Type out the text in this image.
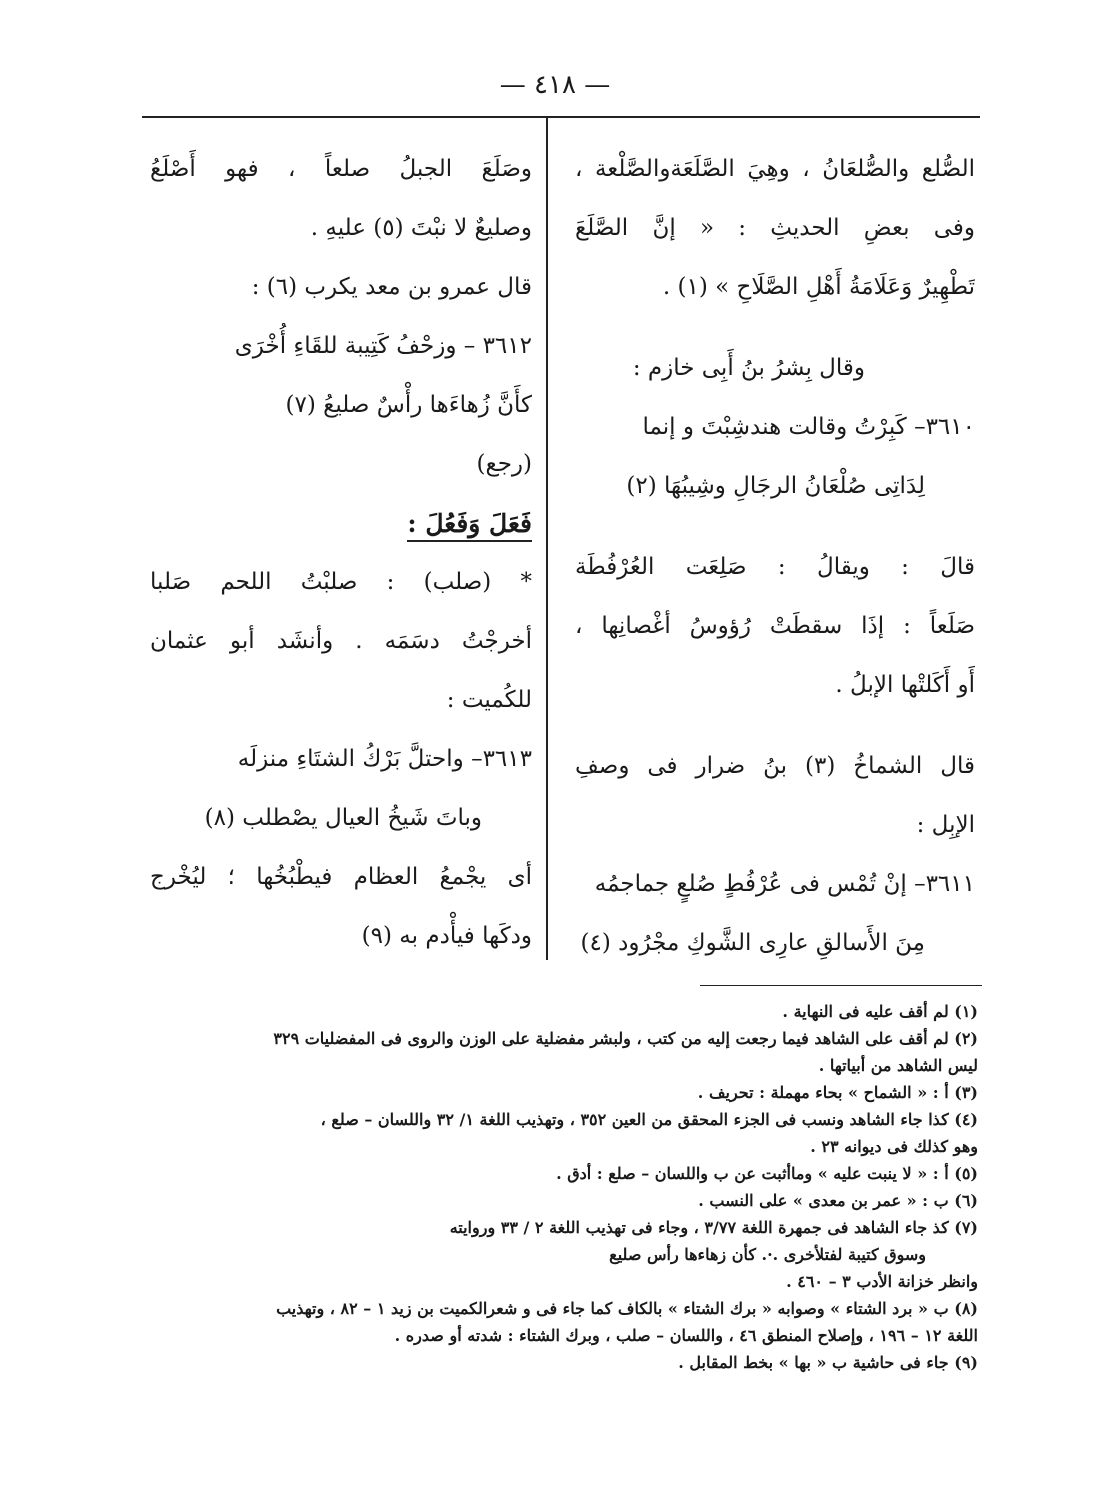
— ٤١٨ —
الصُّلع والصُّلعَانُ ، وهِيَ الصَّلَعَةوالصَّلْعة ،
وفى بعضِ الحديثِ : « إنَّ الصَّلَعَ
تَطْهِيرٌ وَعَلَامَةُ أَهْلِ الصَّلَاحِ » (١) .
وقال بِشرُ بنُ أَبِى خازم :
٣٦١٠– كَبِرْتُ وقالت هندشِبْتَ و إنما
لِدَاتِى صُلْعَانُ الرجَالِ وشِيبُهَا (٢)
قالَ : ويقالُ : صَلِعَت العُرْفُطَة
صَلَعاً : إذَا سقطَتْ رُؤوسُ أغْصانِها ،
أَو أَكَلتْها الإبلُ .
قال الشماخُ (٣) بنُ ضرار فى وصفِ
الإبِل :
٣٦١١– إنْ تُمْس فى عُرْفُطٍ صُلعٍ جماجمُه
مِنَ الأَسالقِ عارِى الشَّوكِ مجْرُود (٤)
وصَلَعَ الجبلُ صلعاً ، فهو أَصْلَعُ
وصليعٌ لا نبْتَ (٥) عليهِ .
قال عمرو بن معد يكرب (٦) :
٣٦١٢ – وزحْفُ كَتِيبة للقَاءِ أُخْرَى
كأَنَّ زُهاءَها رأْسٌ صليعُ (٧)
(رجع)
فَعَلَ وَفَعُلَ :
* (صلب) : صلبْتُ اللحم صَلبا
أخرجْتُ دسَمَه . وأنشَد أبو عثمان
للكُميت :
٣٦١٣– واحتلَّ بَرْكُ الشتَاءِ منزلَه
وباتَ شَيخُ العيال يصْطلب (٨)
أى يجْمعُ العظام فيطْبُخُها ؛ ليُخْرج
ودكَها فيأْدم به (٩)
(١) لم أقف عليه فى النهاية .
(٢) لم أقف على الشاهد فيما رجعت إليه من كتب ، ولبشر مفضلية على الوزن والروى فى المفضليات ٣٢٩
ليس الشاهد من أبياتها .
(٣) أ : « الشماح » بحاء مهملة : تحريف .
(٤) كذا جاء الشاهد ونسب فى الجزء المحقق من العين ٣٥٢ ، وتهذيب اللغة ١/ ٣٢ واللسان – صلع ،
وهو كذلك فى ديوانه ٢٣ .
(٥) أ : « لا ينبت عليه » وماأثبت عن ب واللسان – صلع : أدق .
(٦) ب : « عمر بن معدى » على النسب .
(٧) كذ جاء الشاهد فى جمهرة اللغة ٣/٧٧ ، وجاء فى تهذيب اللغة ٢ / ٣٣ وروايته
وسوق كتيبة لفتلأخرى .·. كأن زهاءها رأس صليع
وانظر خزانة الأدب ٣ – ٤٦٠ .
(٨) ب « برد الشتاء » وصوابه « برك الشتاء » بالكاف كما جاء فى و شعرالكميت بن زيد ١ – ٨٢ ، وتهذيب
اللغة ١٢ – ١٩٦ ، وإصلاح المنطق ٤٦ ، واللسان – صلب ، وبرك الشتاء : شدته أو صدره .
(٩) جاء فى حاشية ب « بها » بخط المقابل .
